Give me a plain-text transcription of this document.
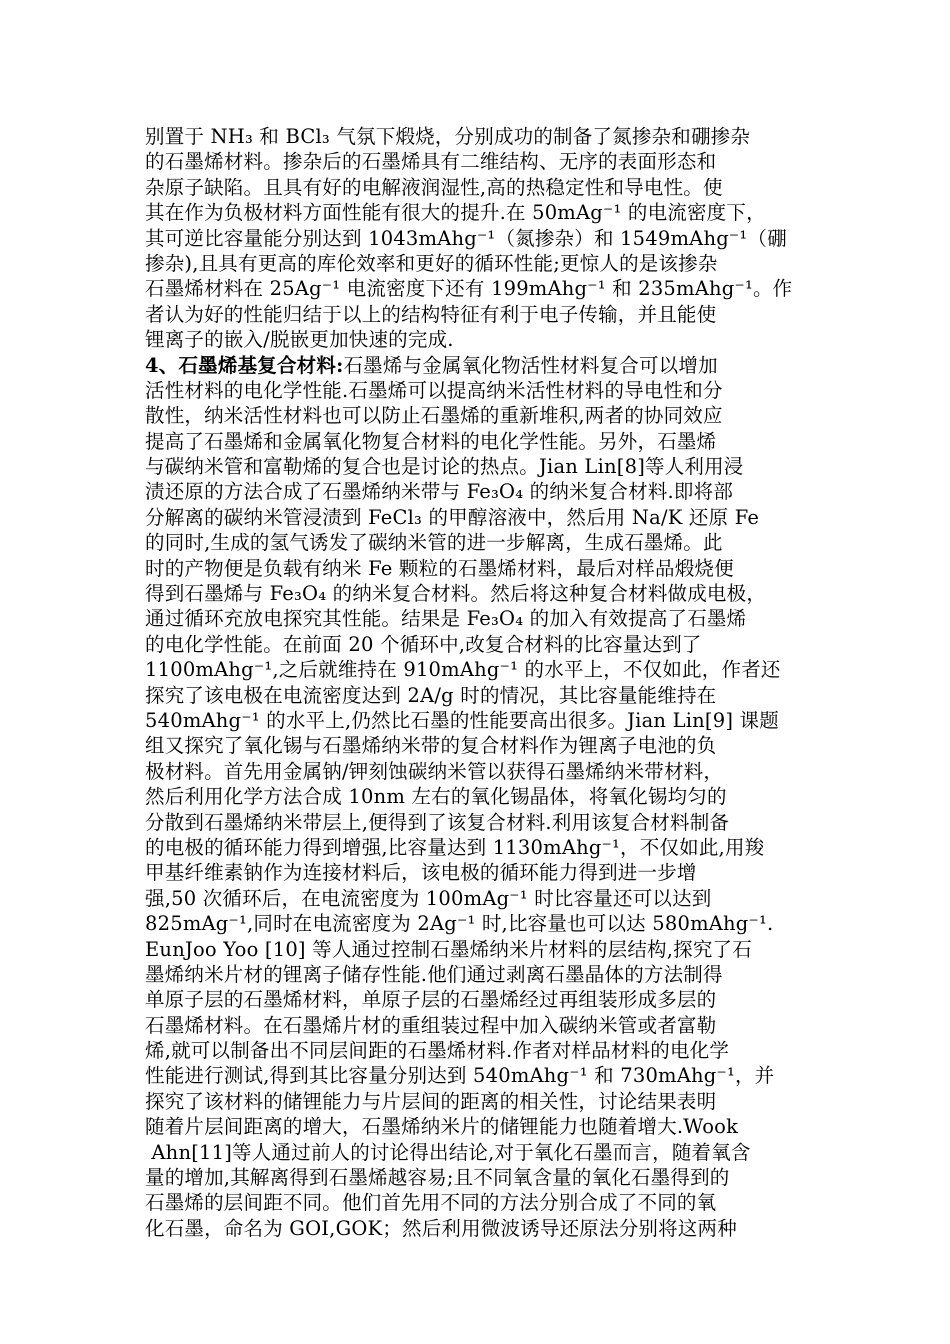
别置于 NH₃ 和 BCl₃ 气氛下煅烧，分别成功的制备了氮掺杂和硼掺杂
的石墨烯材料。掺杂后的石墨烯具有二维结构、无序的表面形态和
杂原子缺陷。且具有好的电解液润湿性,高的热稳定性和导电性。使
其在作为负极材料方面性能有很大的提升.在 50mAg⁻¹ 的电流密度下，
其可逆比容量能分别达到 1043mAhg⁻¹（氮掺杂）和 1549mAhg⁻¹（硼
掺杂),且具有更高的库伦效率和更好的循环性能;更惊人的是该掺杂
石墨烯材料在 25Ag⁻¹ 电流密度下还有 199mAhg⁻¹ 和 235mAhg⁻¹。作
者认为好的性能归结于以上的结构特征有利于电子传输，并且能使
锂离子的嵌入/脱嵌更加快速的完成.
4、石墨烯基复合材料:石墨烯与金属氧化物活性材料复合可以增加
活性材料的电化学性能.石墨烯可以提高纳米活性材料的导电性和分
散性，纳米活性材料也可以防止石墨烯的重新堆积,两者的协同效应
提高了石墨烯和金属氧化物复合材料的电化学性能。另外，石墨烯
与碳纳米管和富勒烯的复合也是讨论的热点。Jian Lin[8]等人利用浸
渍还原的方法合成了石墨烯纳米带与 Fe₃O₄ 的纳米复合材料.即将部
分解离的碳纳米管浸渍到 FeCl₃ 的甲醇溶液中，然后用 Na/K 还原 Fe
的同时,生成的氢气诱发了碳纳米管的进一步解离，生成石墨烯。此
时的产物便是负载有纳米 Fe 颗粒的石墨烯材料，最后对样品煅烧便
得到石墨烯与 Fe₃O₄ 的纳米复合材料。然后将这种复合材料做成电极，
通过循环充放电探究其性能。结果是 Fe₃O₄ 的加入有效提高了石墨烯
的电化学性能。在前面 20 个循环中,改复合材料的比容量达到了
1100mAhg⁻¹,之后就维持在 910mAhg⁻¹ 的水平上，不仅如此，作者还
探究了该电极在电流密度达到 2A/g 时的情况，其比容量能维持在
540mAhg⁻¹ 的水平上,仍然比石墨的性能要高出很多。Jian Lin[9] 课题
组又探究了氧化锡与石墨烯纳米带的复合材料作为锂离子电池的负
极材料。首先用金属钠/钾刻蚀碳纳米管以获得石墨烯纳米带材料，
然后利用化学方法合成 10nm 左右的氧化锡晶体，将氧化锡均匀的
分散到石墨烯纳米带层上,便得到了该复合材料.利用该复合材料制备
的电极的循环能力得到增强,比容量达到 1130mAhg⁻¹，不仅如此,用羧
甲基纤维素钠作为连接材料后，该电极的循环能力得到进一步增
强,50 次循环后，在电流密度为 100mAg⁻¹ 时比容量还可以达到
825mAg⁻¹,同时在电流密度为 2Ag⁻¹ 时,比容量也可以达 580mAhg⁻¹.
EunJoo Yoo [10] 等人通过控制石墨烯纳米片材料的层结构,探究了石
墨烯纳米片材的锂离子储存性能.他们通过剥离石墨晶体的方法制得
单原子层的石墨烯材料，单原子层的石墨烯经过再组装形成多层的
石墨烯材料。在石墨烯片材的重组装过程中加入碳纳米管或者富勒
烯,就可以制备出不同层间距的石墨烯材料.作者对样品材料的电化学
性能进行测试,得到其比容量分别达到 540mAhg⁻¹ 和 730mAhg⁻¹，并
探究了该材料的储锂能力与片层间的距离的相关性，讨论结果表明
随着片层间距离的增大，石墨烯纳米片的储锂能力也随着增大.Wook
Ahn[11]等人通过前人的讨论得出结论,对于氧化石墨而言，随着氧含
量的增加,其解离得到石墨烯越容易;且不同氧含量的氧化石墨得到的
石墨烯的层间距不同。他们首先用不同的方法分别合成了不同的氧
化石墨，命名为 GOI,GOK；然后利用微波诱导还原法分别将这两种
